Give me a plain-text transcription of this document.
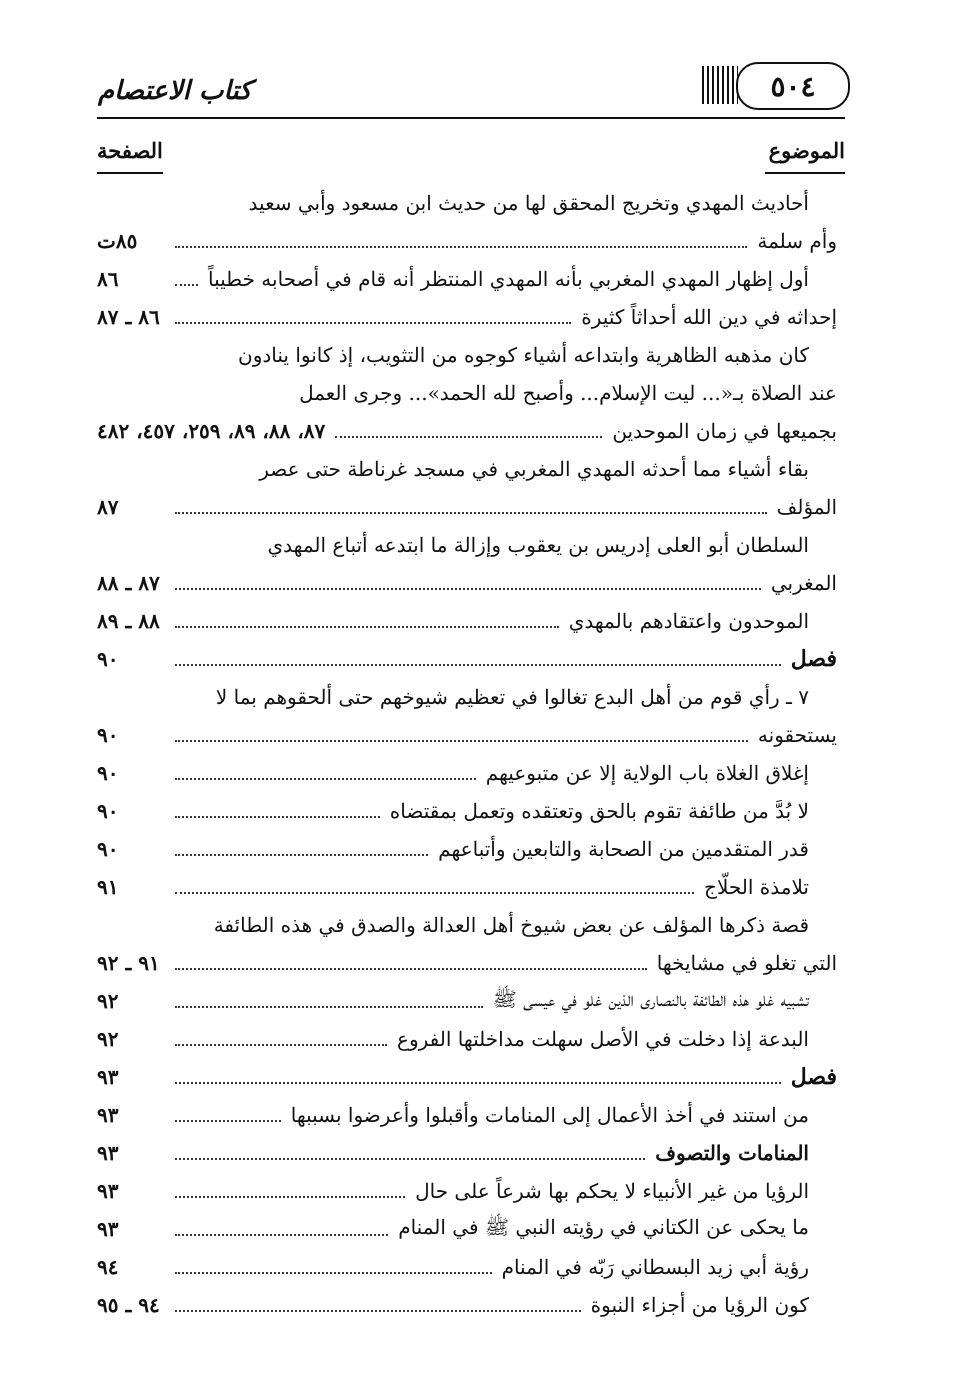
كتاب الاعتصام	٥٠٤
الموضوع
الصفحة
أحاديث المهدي وتخريج المحقق لها من حديث ابن مسعود وأبي سعيد
وأم سلمة
٨٥ت
أول إظهار المهدي المغربي بأنه المهدي المنتظر أنه قام في أصحابه خطيباً
٨٦
إحداثه في دين الله أحداثاً كثيرة
٨٦ ـ ٨٧
كان مذهبه الظاهرية وابتداعه أشياء كوجوه من التثويب، إذ كانوا ينادون
عند الصلاة بـ«... ليت الإسلام... وأصبح لله الحمد»... وجرى العمل
بجميعها في زمان الموحدين
٨٧، ٨٨، ٨٩، ٢٥٩، ٤٥٧، ٤٨٢
بقاء أشياء مما أحدثه المهدي المغربي في مسجد غرناطة حتى عصر
المؤلف
٨٧
السلطان أبو العلى إدريس بن يعقوب وإزالة ما ابتدعه أتباع المهدي
المغربي
٨٧ ـ ٨٨
الموحدون واعتقادهم بالمهدي
٨٨ ـ ٨٩
فصل
٩٠
٧ ـ رأي قوم من أهل البدع تغالوا في تعظيم شيوخهم حتى ألحقوهم بما لا
يستحقونه
٩٠
إغلاق الغلاة باب الولاية إلا عن متبوعيهم
٩٠
لا بُدَّ من طائفة تقوم بالحق وتعتقده وتعمل بمقتضاه
٩٠
قدر المتقدمين من الصحابة والتابعين وأتباعهم
٩٠
تلامذة الحلّاج
٩١
قصة ذكرها المؤلف عن بعض شيوخ أهل العدالة والصدق في هذه الطائفة
التي تغلو في مشايخها
٩١ ـ ٩٢
تشبيه غلو هذه الطائفة بالنصارى الذين غلو في عيسى ﷺ
٩٢
البدعة إذا دخلت في الأصل سهلت مداخلتها الفروع
٩٢
فصل
٩٣
من استند في أخذ الأعمال إلى المنامات وأقبلوا وأعرضوا بسببها
٩٣
المنامات والتصوف
٩٣
الرؤيا من غير الأنبياء لا يحكم بها شرعاً على حال
٩٣
ما يحكى عن الكتاني في رؤيته النبي ﷺ في المنام
٩٣
رؤية أبي زيد البسطاني رَبّه في المنام
٩٤
كون الرؤيا من أجزاء النبوة
٩٤ ـ ٩٥
